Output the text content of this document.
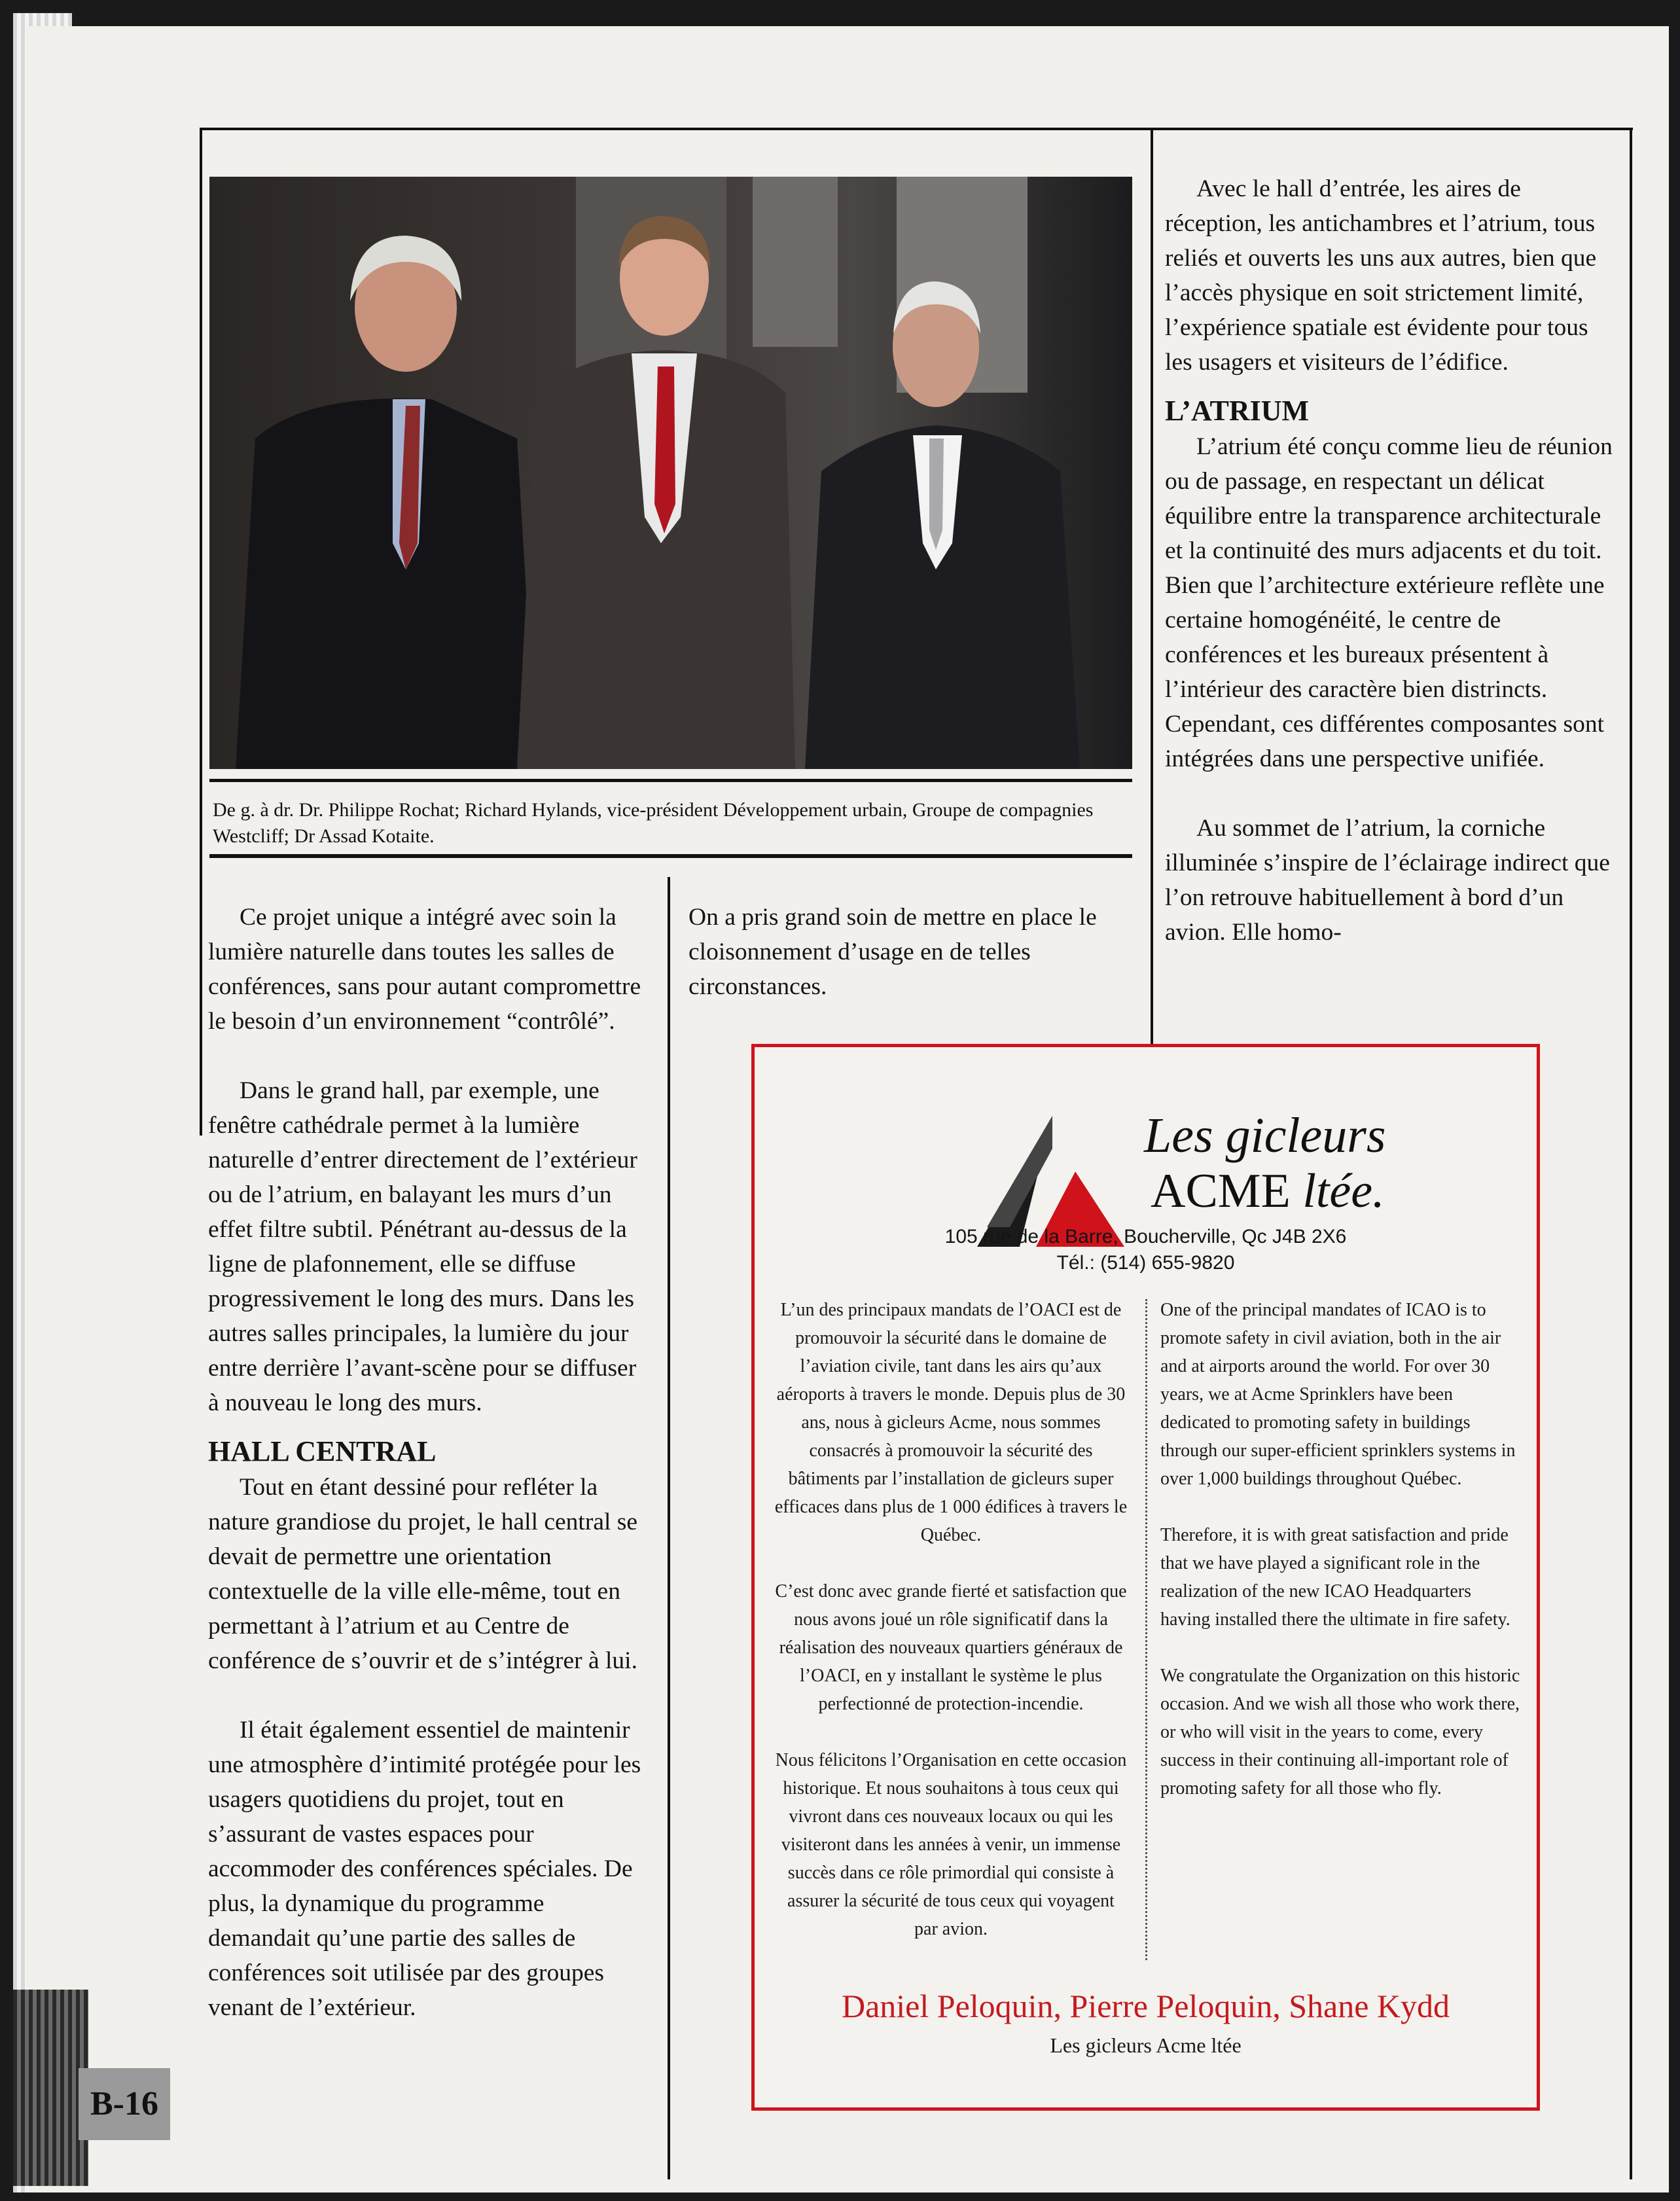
De g. à dr. Dr. Philippe Rochat; Richard Hylands, vice-président Développement urbain, Groupe de compagnies Westcliff; Dr Assad Kotaite.

Ce projet unique a intégré avec soin la lumière naturelle dans toutes les salles de conférences, sans pour autant compromettre le besoin d’un environnement “contrôlé”.

Dans le grand hall, par exemple, une fenêtre cathédrale permet à la lumière naturelle d’entrer directement de l’extérieur ou de l’atrium, en balayant les murs d’un effet filtre subtil. Pénétrant au-dessus de la ligne de plafonnement, elle se diffuse progressivement le long des murs. Dans les autres salles principales, la lumière du jour entre derrière l’avant-scène pour se diffuser à nouveau le long des murs.

HALL CENTRAL

Tout en étant dessiné pour refléter la nature grandiose du projet, le hall central se devait de permettre une orientation contextuelle de la ville elle-même, tout en permettant à l’atrium et au Centre de conférence de s’ouvrir et de s’intégrer à lui.

Il était également essentiel de maintenir une atmosphère d’intimité protégée pour les usagers quotidiens du projet, tout en s’assurant de vastes espaces pour accommoder des conférences spéciales. De plus, la dynamique du programme demandait qu’une partie des salles de conférences soit utilisée par des groupes venant de l’extérieur.

On a pris grand soin de mettre en place le cloisonnement d’usage en de telles circonstances.

Avec le hall d’entrée, les aires de réception, les antichambres et l’atrium, tous reliés et ouverts les uns aux autres, bien que l’accès physique en soit strictement limité, l’expérience spatiale est évidente pour tous les usagers et visiteurs de l’édifice.

L’ATRIUM

L’atrium été conçu comme lieu de réunion ou de passage, en respectant un délicat équilibre entre la transparence architecturale et la continuité des murs adjacents et du toit. Bien que l’architecture extérieure reflète une certaine homogénéité, le centre de conférences et les bureaux présentent à l’intérieur des caractère bien distrincts. Cependant, ces différentes composantes sont intégrées dans une perspective unifiée.

Au sommet de l’atrium, la corniche illuminée s’inspire de l’éclairage indirect que l’on retrouve habituellement à bord d’un avion. Elle homo-

Les gicleurs
ACME ltée.
105 rue de la Barre, Boucherville, Qc J4B 2X6
Tél.: (514) 655-9820

L’un des principaux mandats de l’OACI est de promouvoir la sécurité dans le domaine de l’aviation civile, tant dans les airs qu’aux aéroports à travers le monde. Depuis plus de 30 ans, nous à gicleurs Acme, nous sommes consacrés à promouvoir la sécurité des bâtiments par l’installation de gicleurs super efficaces dans plus de 1 000 édifices à travers le Québec.

C’est donc avec grande fierté et satisfaction que nous avons joué un rôle significatif dans la réalisation des nouveaux quartiers généraux de l’OACI, en y installant le système le plus perfectionné de protection-incendie.

Nous félicitons l’Organisation en cette occasion historique. Et nous souhaitons à tous ceux qui vivront dans ces nouveaux locaux ou qui les visiteront dans les années à venir, un immense succès dans ce rôle primordial qui consiste à assurer la sécurité de tous ceux qui voyagent par avion.

One of the principal mandates of ICAO is to promote safety in civil aviation, both in the air and at airports around the world. For over 30 years, we at Acme Sprinklers have been dedicated to promoting safety in buildings through our super-efficient sprinklers systems in over 1,000 buildings throughout Québec.

Therefore, it is with great satisfaction and pride that we have played a significant role in the realization of the new ICAO Headquarters having installed there the ultimate in fire safety.

We congratulate the Organization on this historic occasion. And we wish all those who work there, or who will visit in the years to come, every success in their continuing all-important role of promoting safety for all those who fly.

Daniel Peloquin, Pierre Peloquin, Shane Kydd
Les gicleurs Acme ltée
B-16
